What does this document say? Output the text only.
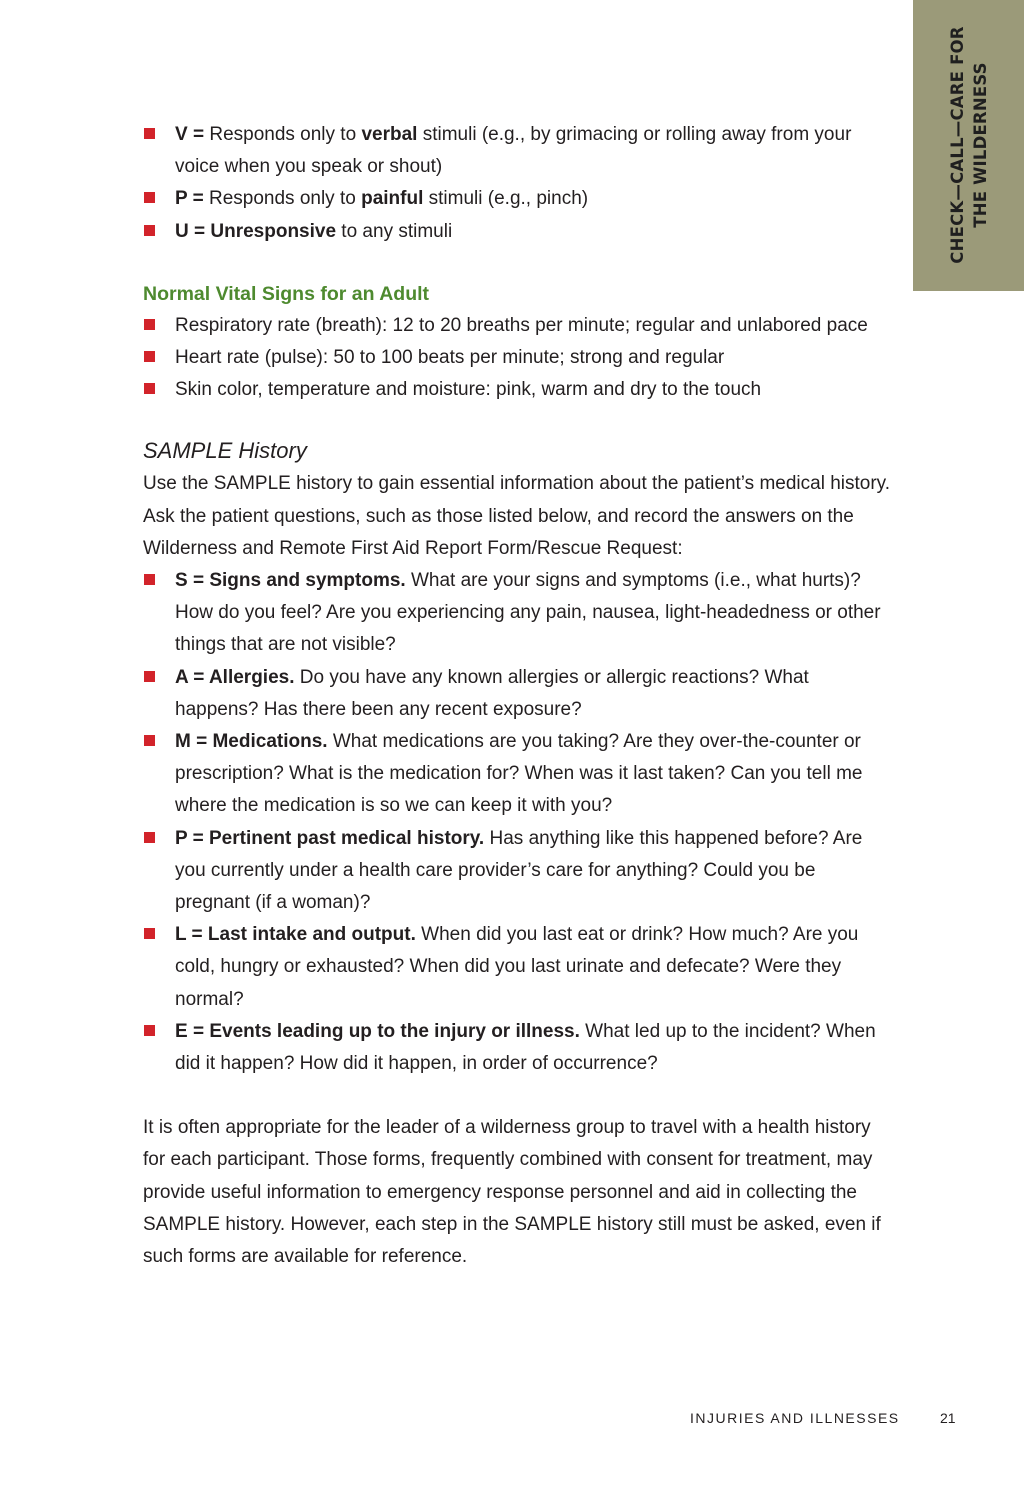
CHECK—CALL—CARE FOR THE WILDERNESS
V = Responds only to verbal stimuli (e.g., by grimacing or rolling away from your voice when you speak or shout)
P = Responds only to painful stimuli (e.g., pinch)
U = Unresponsive to any stimuli
Normal Vital Signs for an Adult
Respiratory rate (breath): 12 to 20 breaths per minute; regular and unlabored pace
Heart rate (pulse): 50 to 100 beats per minute; strong and regular
Skin color, temperature and moisture: pink, warm and dry to the touch
SAMPLE History

Use the SAMPLE history to gain essential information about the patient’s medical history. Ask the patient questions, such as those listed below, and record the answers on the Wilderness and Remote First Aid Report Form/Rescue Request:

S = Signs and symptoms. What are your signs and symptoms (i.e., what hurts)? How do you feel? Are you experiencing any pain, nausea, light-headedness or other things that are not visible?
A = Allergies. Do you have any known allergies or allergic reactions? What happens? Has there been any recent exposure?
M = Medications. What medications are you taking? Are they over-the-counter or prescription? What is the medication for? When was it last taken? Can you tell me where the medication is so we can keep it with you?
P = Pertinent past medical history. Has anything like this happened before? Are you currently under a health care provider’s care for anything? Could you be pregnant (if a woman)?
L = Last intake and output. When did you last eat or drink? How much? Are you cold, hungry or exhausted? When did you last urinate and defecate? Were they normal?
E = Events leading up to the injury or illness. What led up to the incident? When did it happen? How did it happen, in order of occurrence?

It is often appropriate for the leader of a wilderness group to travel with a health history for each participant. Those forms, frequently combined with consent for treatment, may provide useful information to emergency response personnel and aid in collecting the SAMPLE history. However, each step in the SAMPLE history still must be asked, even if such forms are available for reference.

INJURIES AND ILLNESSES	21
